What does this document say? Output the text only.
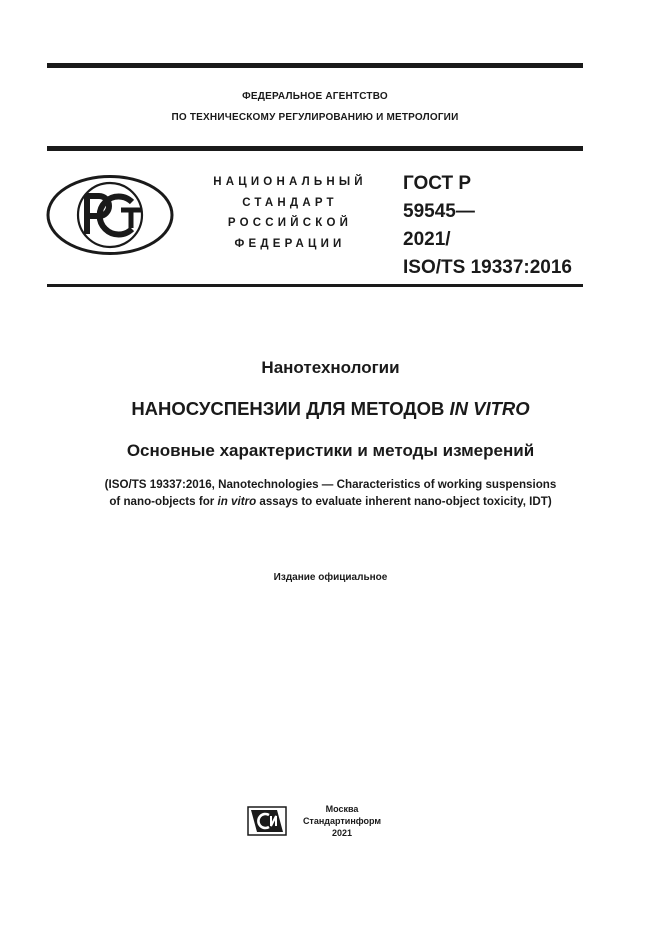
ФЕДЕРАЛЬНОЕ АГЕНТСТВО
ПО ТЕХНИЧЕСКОМУ РЕГУЛИРОВАНИЮ И МЕТРОЛОГИИ
НАЦИОНАЛЬНЫЙ
СТАНДАРТ
РОССИЙСКОЙ
ФЕДЕРАЦИИ
ГОСТ Р
59545—
2021/
ISO/TS 19337:2016
Нанотехнологии
НАНОСУСПЕНЗИИ ДЛЯ МЕТОДОВ IN VITRO
Основные характеристики и методы измерений
(ISO/TS 19337:2016, Nanotechnologies — Characteristics of working suspensions
of nano-objects for in vitro assays to evaluate inherent nano-object toxicity, IDT)
Издание официальное
Москва
Стандартинформ
2021
